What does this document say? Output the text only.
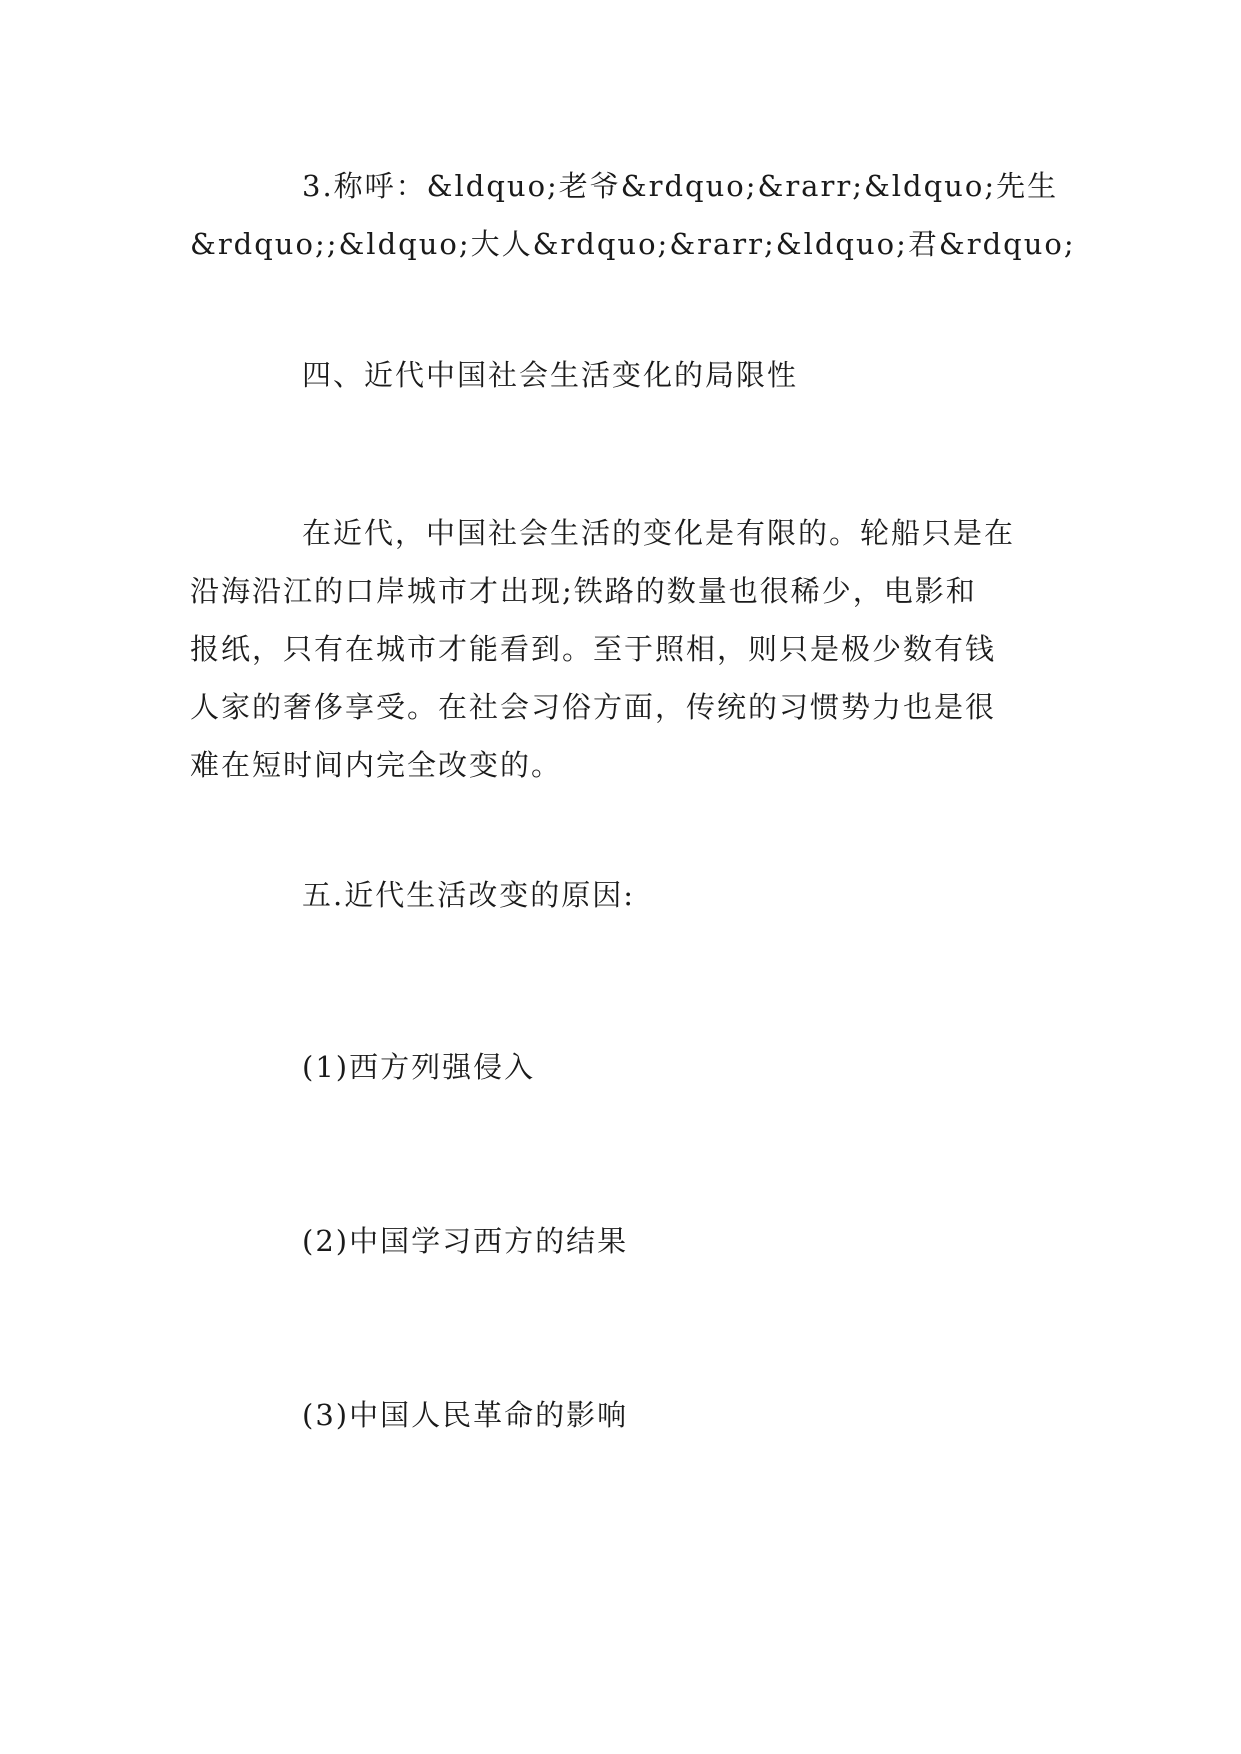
3.称呼：&ldquo;老爷&rdquo;&rarr;&ldquo;先生
&rdquo;;&ldquo;大人&rdquo;&rarr;&ldquo;君&rdquo;
四、近代中国社会生活变化的局限性
在近代，中国社会生活的变化是有限的。轮船只是在
沿海沿江的口岸城市才出现;铁路的数量也很稀少，电影和
报纸，只有在城市才能看到。至于照相，则只是极少数有钱
人家的奢侈享受。在社会习俗方面，传统的习惯势力也是很
难在短时间内完全改变的。
五.近代生活改变的原因:
(1)西方列强侵入
(2)中国学习西方的结果
(3)中国人民革命的影响
